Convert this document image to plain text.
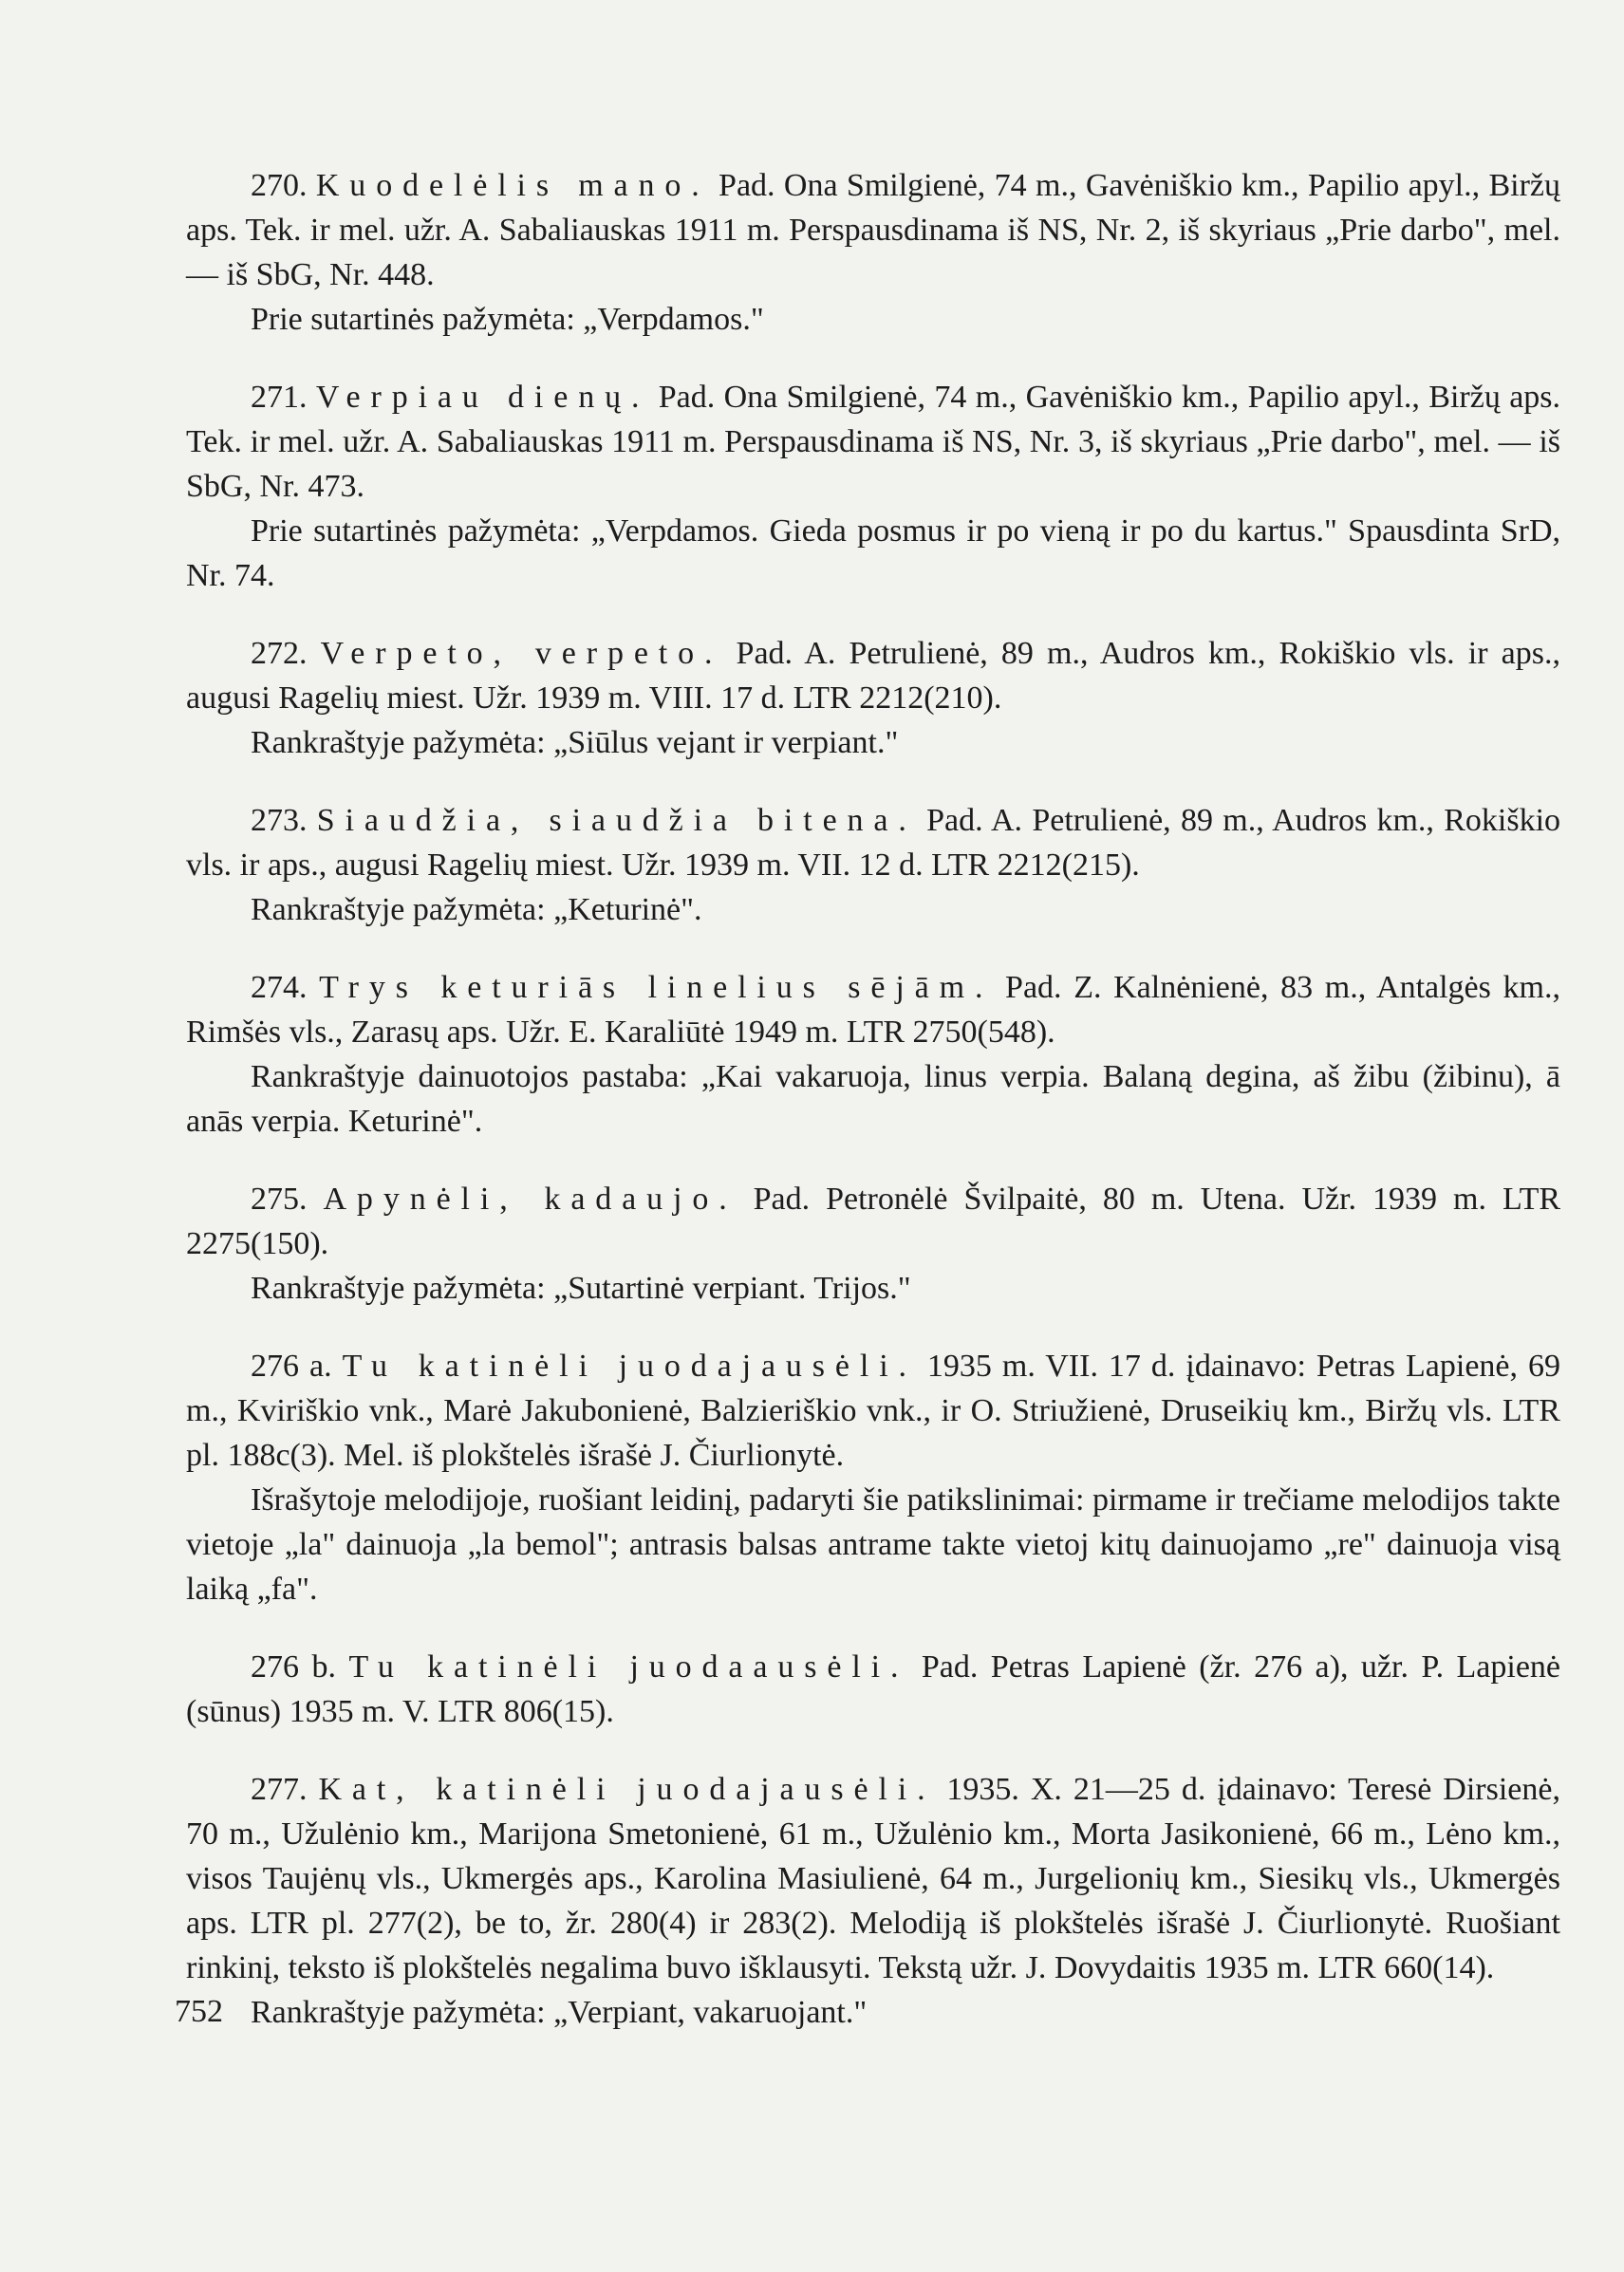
270. Kuodelėlis mano. Pad. Ona Smilgienė, 74 m., Gavėniškio km., Papilio apyl., Biržų aps. Tek. ir mel. užr. A. Sabaliauskas 1911 m. Perspausdinama iš NS, Nr. 2, iš skyriaus „Prie darbo", mel. — iš SbG, Nr. 448.

Prie sutartinės pažymėta: „Verpdamos."

271. Verpiau dienų. Pad. Ona Smilgienė, 74 m., Gavėniškio km., Papilio apyl., Biržų aps. Tek. ir mel. užr. A. Sabaliauskas 1911 m. Perspausdinama iš NS, Nr. 3, iš skyriaus „Prie darbo", mel. — iš SbG, Nr. 473.

Prie sutartinės pažymėta: „Verpdamos. Gieda posmus ir po vieną ir po du kartus." Spausdinta SrD, Nr. 74.

272. Verpeto, verpeto. Pad. A. Petrulienė, 89 m., Audros km., Rokiškio vls. ir aps., augusi Ragelių miest. Užr. 1939 m. VIII. 17 d. LTR 2212(210).

Rankraštyje pažymėta: „Siūlus vejant ir verpiant."

273. Siaudžia, siaudžia bitena. Pad. A. Petrulienė, 89 m., Audros km., Rokiškio vls. ir aps., augusi Ragelių miest. Užr. 1939 m. VII. 12 d. LTR 2212(215).

Rankraštyje pažymėta: „Keturinė".

274. Trys keturiās linelius sējām. Pad. Z. Kalnėnienė, 83 m., Antalgės km., Rimšės vls., Zarasų aps. Užr. E. Karaliūtė 1949 m. LTR 2750(548).

Rankraštyje dainuotojos pastaba: „Kai vakaruoja, linus verpia. Balaną degina, aš žibu (žibinu), ā anās verpia. Keturinė".

275. Apynėli, kadaujo. Pad. Petronėlė Švilpaitė, 80 m. Utena. Užr. 1939 m. LTR 2275(150).

Rankraštyje pažymėta: „Sutartinė verpiant. Trijos."

276 a. Tu katinėli juodajausėli. 1935 m. VII. 17 d. įdainavo: Petras Lapienė, 69 m., Kviriškio vnk., Marė Jakubonienė, Balzieriškio vnk., ir O. Striužienė, Druseikių km., Biržų vls. LTR pl. 188c(3). Mel. iš plokštelės išrašė J. Čiurlionytė.

Išrašytoje melodijoje, ruošiant leidinį, padaryti šie patikslinimai: pirmame ir trečiame melodijos takte vietoje „la" dainuoja „la bemol"; antrasis balsas antrame takte vietoj kitų dainuojamo „re" dainuoja visą laiką „fa".

276 b. Tu katinėli juodaausėli. Pad. Petras Lapienė (žr. 276 a), užr. P. Lapienė (sūnus) 1935 m. V. LTR 806(15).

277. Kat, katinėli juodajausėli. 1935. X. 21—25 d. įdainavo: Teresė Dirsienė, 70 m., Užulėnio km., Marijona Smetonienė, 61 m., Užulėnio km., Morta Jasikonienė, 66 m., Lėno km., visos Taujėnų vls., Ukmergės aps., Karolina Masiulienė, 64 m., Jurgelionių km., Siesikų vls., Ukmergės aps. LTR pl. 277(2), be to, žr. 280(4) ir 283(2). Melodiją iš plokštelės išrašė J. Čiurlionytė. Ruošiant rinkinį, teksto iš plokštelės negalima buvo išklausyti. Tekstą užr. J. Dovydaitis 1935 m. LTR 660(14).

Rankraštyje pažymėta: „Verpiant, vakaruojant."

752
